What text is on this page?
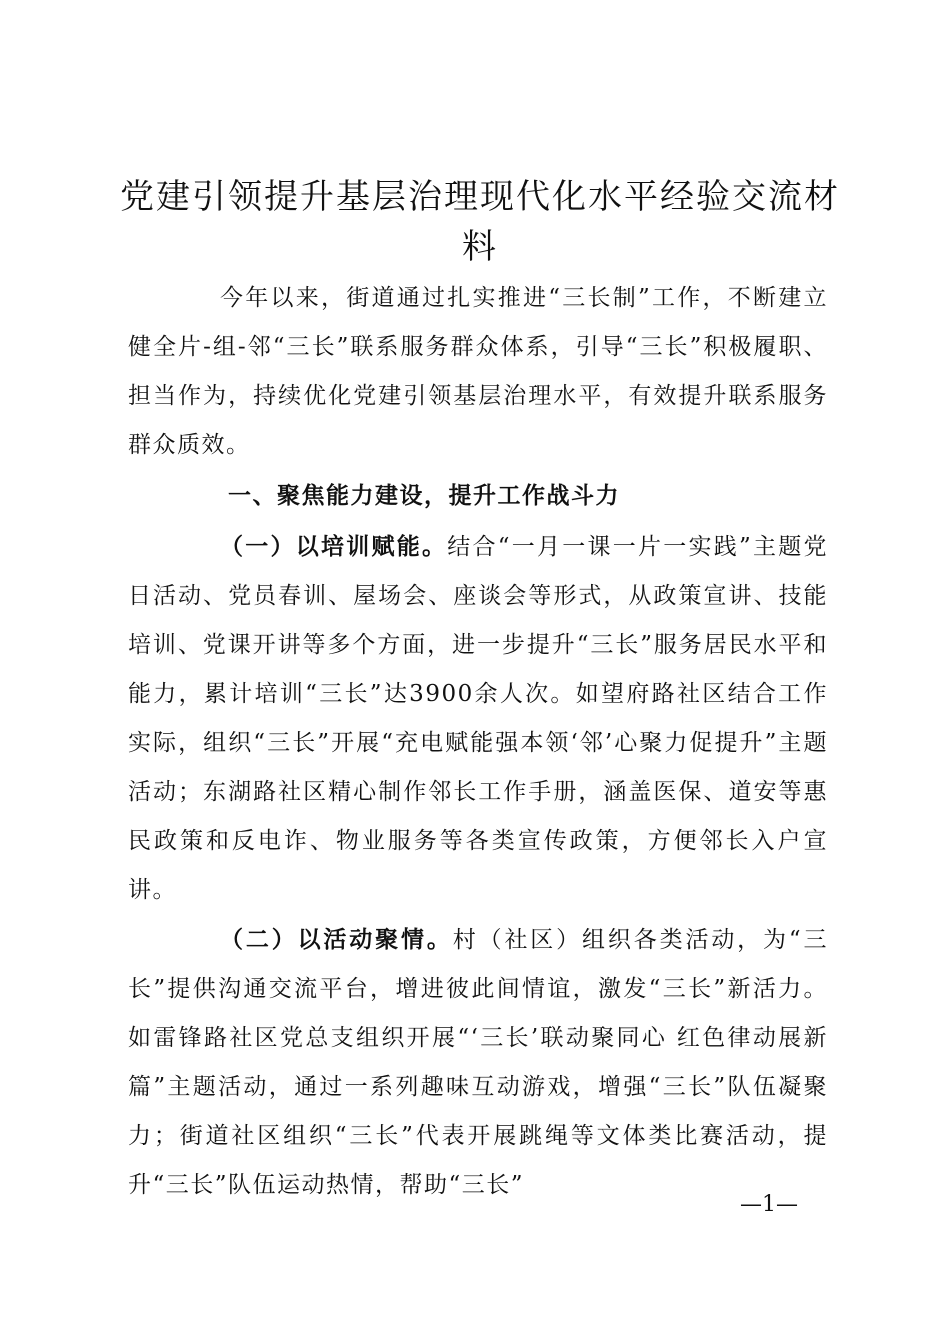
党建引领提升基层治理现代化水平经验交流材料

今年以来，街道通过扎实推进“三长制”工作，不断建立健全片-组-邻“三长”联系服务群众体系，引导“三长”积极履职、担当作为，持续优化党建引领基层治理水平，有效提升联系服务群众质效。

一、聚焦能力建设，提升工作战斗力

（一）以培训赋能。结合“一月一课一片一实践”主题党日活动、党员春训、屋场会、座谈会等形式，从政策宣讲、技能培训、党课开讲等多个方面，进一步提升“三长”服务居民水平和能力，累计培训“三长”达3900余人次。如望府路社区结合工作实际，组织“三长”开展“充电赋能强本领‘邻’心聚力促提升”主题活动；东湖路社区精心制作邻长工作手册，涵盖医保、道安等惠民政策和反电诈、物业服务等各类宣传政策，方便邻长入户宣讲。

（二）以活动聚情。村（社区）组织各类活动，为“三长”提供沟通交流平台，增进彼此间情谊，激发“三长”新活力。如雷锋路社区党总支组织开展“‘三长’联动聚同心 红色律动展新篇”主题活动，通过一系列趣味互动游戏，增强“三长”队伍凝聚力；街道社区组织“三长”代表开展跳绳等文体类比赛活动，提升“三长”队伍运动热情，帮助“三长”

—1—
